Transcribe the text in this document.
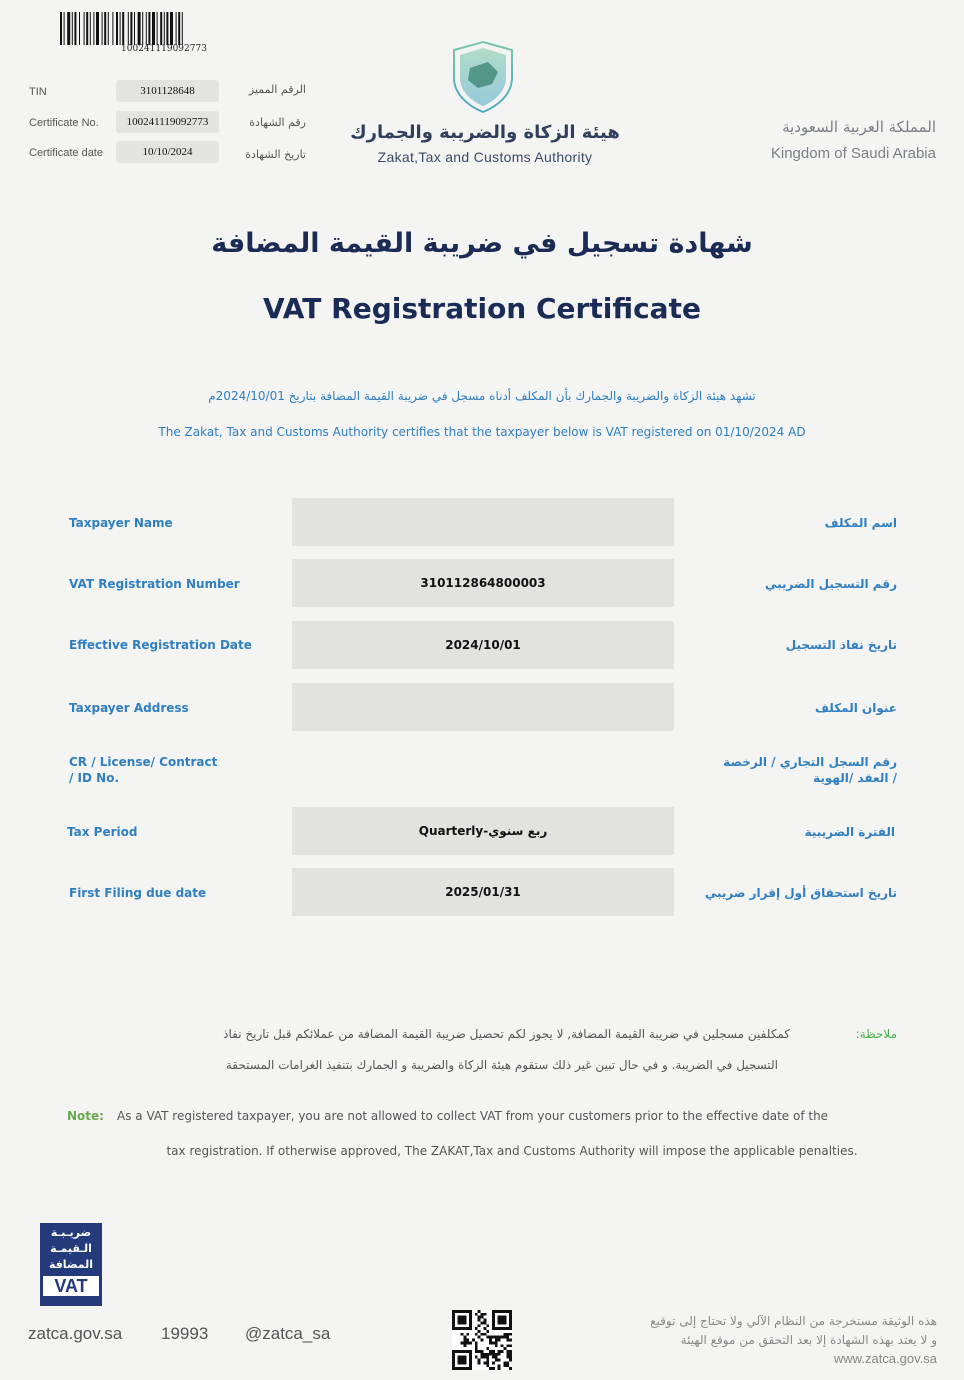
100241119092773
TIN	3101128648	الرقم المميز
Certificate No.	100241119092773	رقم الشهادة
Certificate date	10/10/2024	تاريخ الشهادة
هيئة الزكاة والضريبة والجمارك
Zakat,Tax and Customs Authority
المملكة العربية السعودية
Kingdom of Saudi Arabia
شهادة تسجيل في ضريبة القيمة المضافة
VAT Registration Certificate
تشهد هيئة الزكاة والضريبة والجمارك بأن المكلف أدناه مسجل في ضريبة القيمة المضافة بتاريخ 2024/10/01م
The Zakat, Tax and Customs Authority certifies that the taxpayer below is VAT registered on 01/10/2024 AD
Taxpayer Name	اسم المكلف
VAT Registration Number	310112864800003	رقم التسجيل الضريبي
Effective Registration Date	2024/10/01	تاريخ نفاذ التسجيل
Taxpayer Address	عنوان المكلف
CR / License/ Contract
/ ID No.
رقم السجل التجاري / الرخصة
/ العقد /الهوية
Tax Period	Quarterly-ربع سنوي	الفترة الضريبية
First Filing due date	2025/01/31	تاريخ استحقاق أول إقرار ضريبي
ملاحظة:
كمكلفين مسجلين في ضريبة القيمة المضافة, لا يجوز لكم تحصيل ضريبة القيمة المضافة من عملائكم قبل تاريخ نفاذ
التسجيل في الضريبة. و في حال تبين غير ذلك ستقوم هيئة الزكاة والضريبة و الجمارك بتنفيذ الغرامات المستحقة
Note: As a VAT registered taxpayer, you are not allowed to collect VAT from your customers prior to the effective date of the
tax registration. If otherwise approved, The ZAKAT,Tax and Customs Authority will impose the applicable penalties.
ضريـبـة
الـقيمـة
المضافة
VAT
zatca.gov.sa 19993 @zatca_sa
هذه الوثيقة مستخرجة من النظام الآلي ولا تحتاج إلى توقيع
و لا يعتد بهذه الشهادة إلا بعد التحقق من موقع الهيئة
www.zatca.gov.sa
